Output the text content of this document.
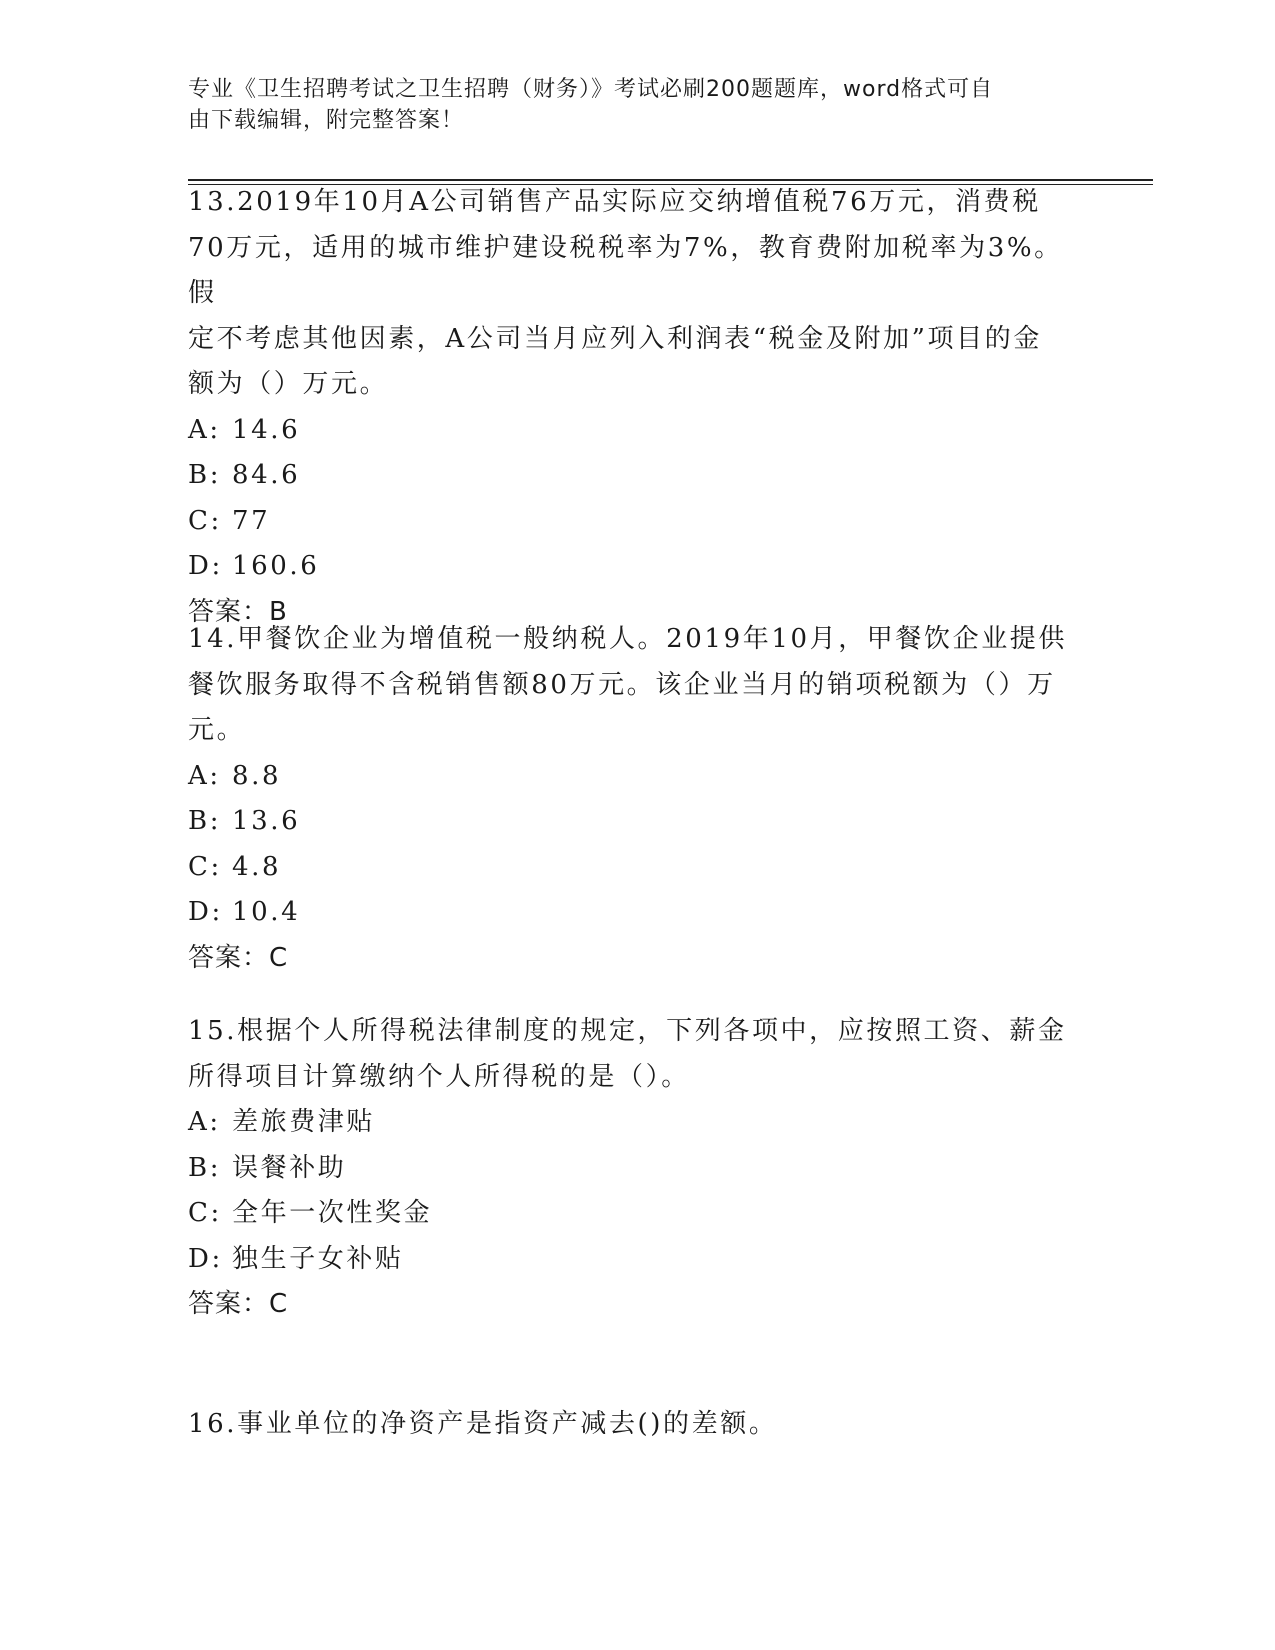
专业《卫生招聘考试之卫生招聘（财务）》考试必刷200题题库，word格式可自
由下载编辑，附完整答案！

13.2019年10月A公司销售产品实际应交纳增值税76万元，消费税

70万元，适用的城市维护建设税税率为7%，教育费附加税率为3%。假

定不考虑其他因素，A公司当月应列入利润表“税金及附加”项目的金

额为（）万元。

A: 14.6

B: 84.6

C: 77

D: 160.6

答案：B

14.甲餐饮企业为增值税一般纳税人。2019年10月，甲餐饮企业提供

餐饮服务取得不含税销售额80万元。该企业当月的销项税额为（）万

元。

A: 8.8

B: 13.6

C: 4.8

D: 10.4

答案：C

15.根据个人所得税法律制度的规定，下列各项中，应按照工资、薪金

所得项目计算缴纳个人所得税的是（）。

A: 差旅费津贴

B: 误餐补助

C: 全年一次性奖金

D: 独生子女补贴

答案：C

16.事业单位的净资产是指资产减去()的差额。
